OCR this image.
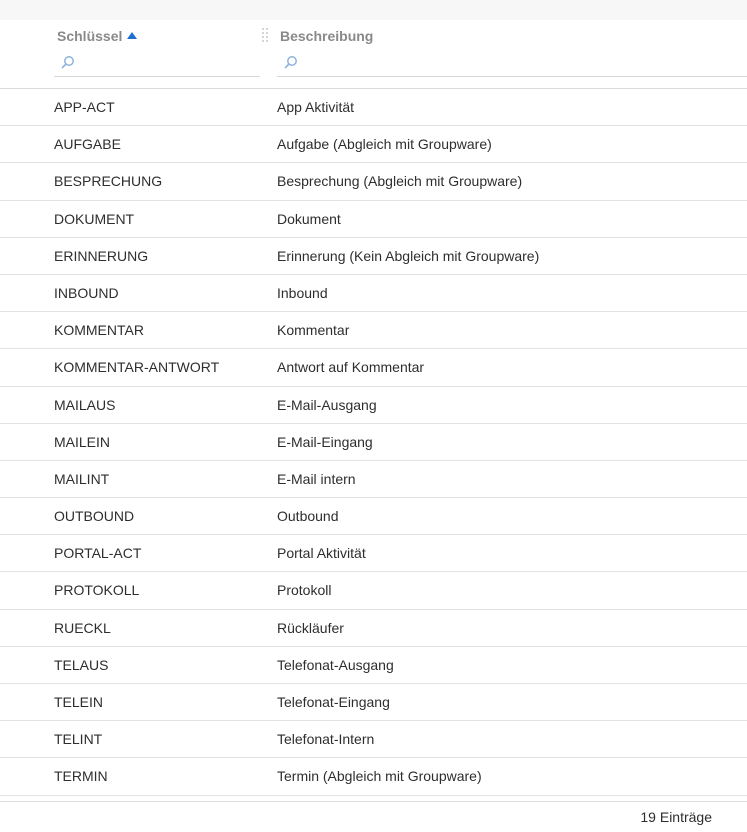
Schlüssel	Beschreibung
APP-ACT	App Aktivität
AUFGABE	Aufgabe (Abgleich mit Groupware)
BESPRECHUNG	Besprechung (Abgleich mit Groupware)
DOKUMENT	Dokument
ERINNERUNG	Erinnerung (Kein Abgleich mit Groupware)
INBOUND	Inbound
KOMMENTAR	Kommentar
KOMMENTAR-ANTWORT	Antwort auf Kommentar
MAILAUS	E-Mail-Ausgang
MAILEIN	E-Mail-Eingang
MAILINT	E-Mail intern
OUTBOUND	Outbound
PORTAL-ACT	Portal Aktivität
PROTOKOLL	Protokoll
RUECKL	Rückläufer
TELAUS	Telefonat-Ausgang
TELEIN	Telefonat-Eingang
TELINT	Telefonat-Intern
TERMIN	Termin (Abgleich mit Groupware)
19 Einträge
